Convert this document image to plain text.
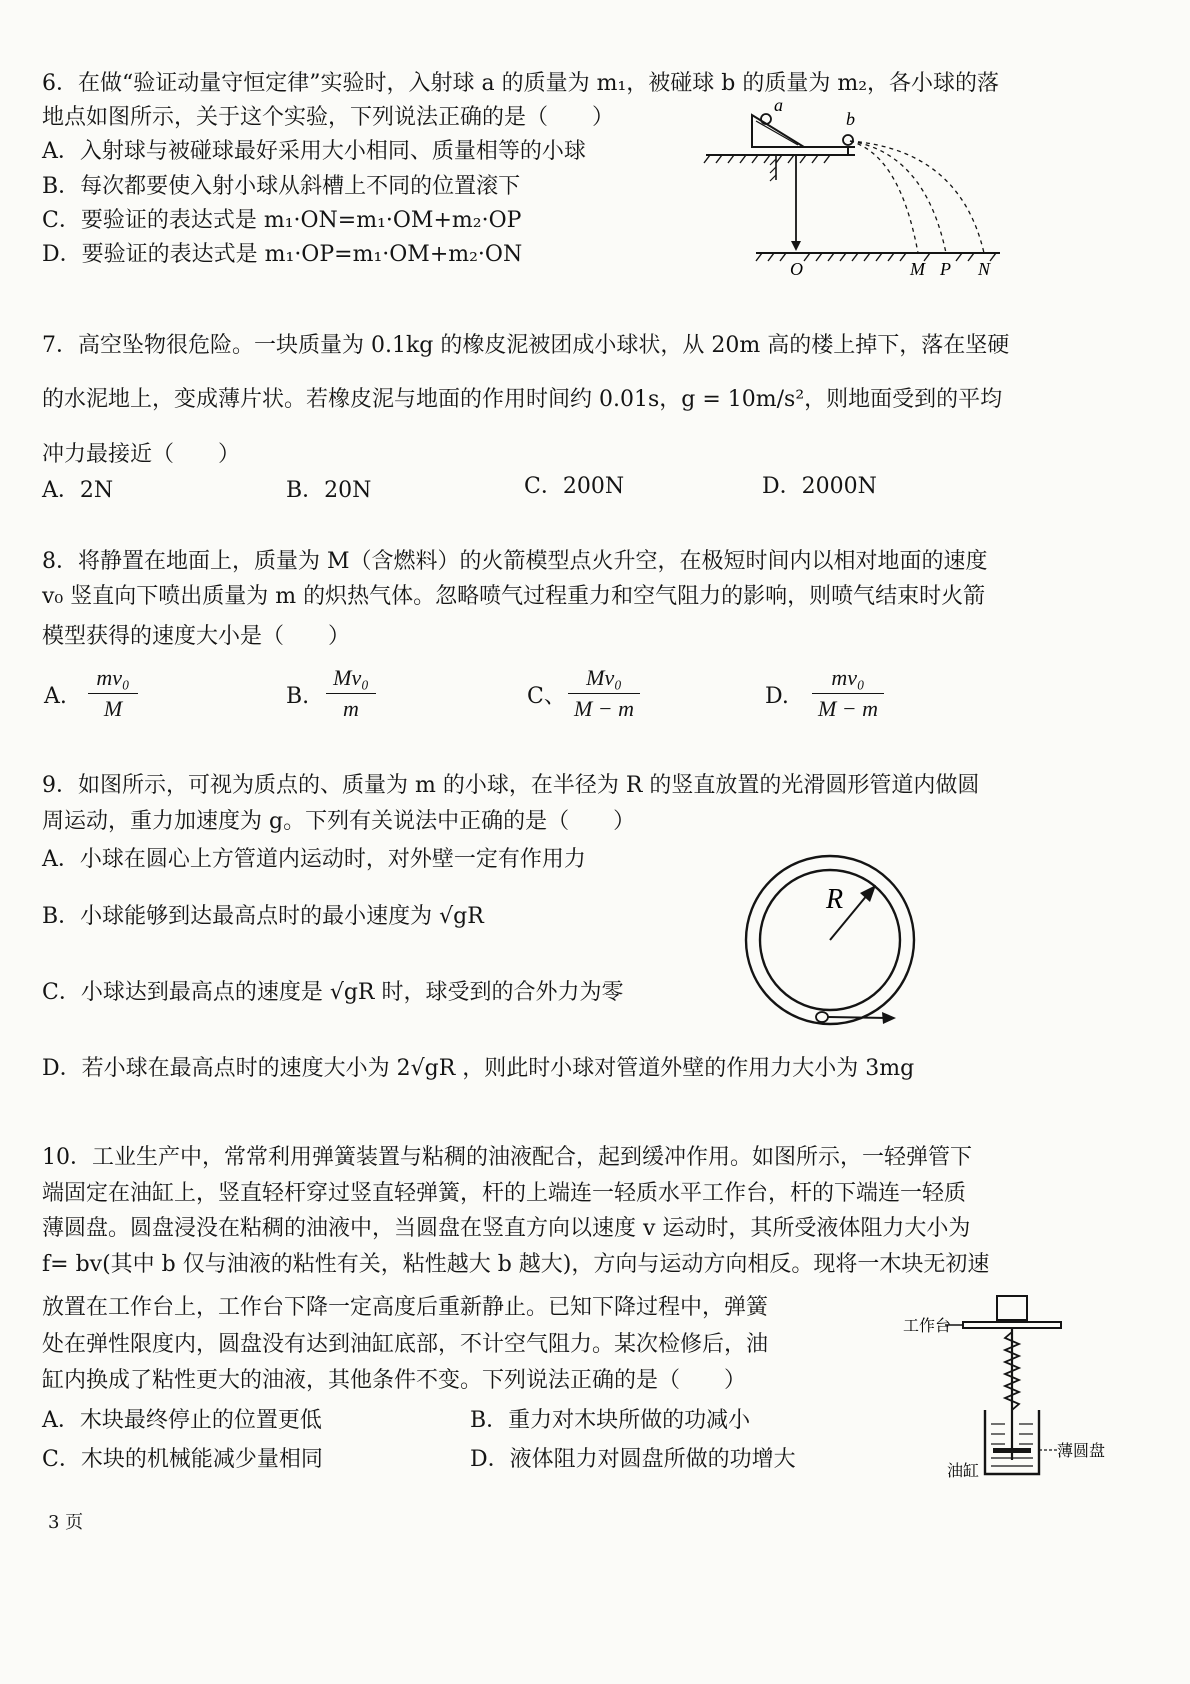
6．在做“验证动量守恒定律”实验时，入射球 a 的质量为 m₁，被碰球 b 的质量为 m₂，各小球的落
地点如图所示，关于这个实验，下列说法正确的是（　　）
A．入射球与被碰球最好采用大小相同、质量相等的小球
B．每次都要使入射小球从斜槽上不同的位置滚下
C．要验证的表达式是 m₁·ON=m₁·OM+m₂·OP
D．要验证的表达式是 m₁·OP=m₁·OM+m₂·ON
a
b
O	M P N
7．高空坠物很危险。一块质量为 0.1kg 的橡皮泥被团成小球状，从 20m 高的楼上掉下，落在坚硬
的水泥地上，变成薄片状。若橡皮泥与地面的作用时间约 0.01s，g = 10m/s²，则地面受到的平均
冲力最接近（　　）
A．2N	B．20N	C．200N	D．2000N
8．将静置在地面上，质量为 M（含燃料）的火箭模型点火升空，在极短时间内以相对地面的速度
v₀ 竖直向下喷出质量为 m 的炽热气体。忽略喷气过程重力和空气阻力的影响，则喷气结束时火箭
模型获得的速度大小是（　　）
A.
mv₀
M	B.
Mv₀
m	C、
Mv₀
M − m	D.
mv₀
M − m
9．如图所示，可视为质点的、质量为 m 的小球，在半径为 R 的竖直放置的光滑圆形管道内做圆
周运动，重力加速度为 g。下列有关说法中正确的是（　　）
A．小球在圆心上方管道内运动时，对外壁一定有作用力
B．小球能够到达最高点时的最小速度为 √gR
C．小球达到最高点的速度是 √gR 时，球受到的合外力为零
D．若小球在最高点时的速度大小为 2√gR ，则此时小球对管道外壁的作用力大小为 3mg
R
10．工业生产中，常常利用弹簧装置与粘稠的油液配合，起到缓冲作用。如图所示，一轻弹管下
端固定在油缸上，竖直轻杆穿过竖直轻弹簧，杆的上端连一轻质水平工作台，杆的下端连一轻质
薄圆盘。圆盘浸没在粘稠的油液中，当圆盘在竖直方向以速度 v 运动时，其所受液体阻力大小为
f= bv(其中 b 仅与油液的粘性有关，粘性越大 b 越大)，方向与运动方向相反。现将一木块无初速
放置在工作台上，工作台下降一定高度后重新静止。已知下降过程中，弹簧
处在弹性限度内，圆盘没有达到油缸底部，不计空气阻力。某次检修后，油
缸内换成了粘性更大的油液，其他条件不变。下列说法正确的是（　　）
A．木块最终停止的位置更低	B．重力对木块所做的功减小
C．木块的机械能减少量相同	D．液体阻力对圆盘所做的功增大
工作台
薄圆盘
油缸
3 页
